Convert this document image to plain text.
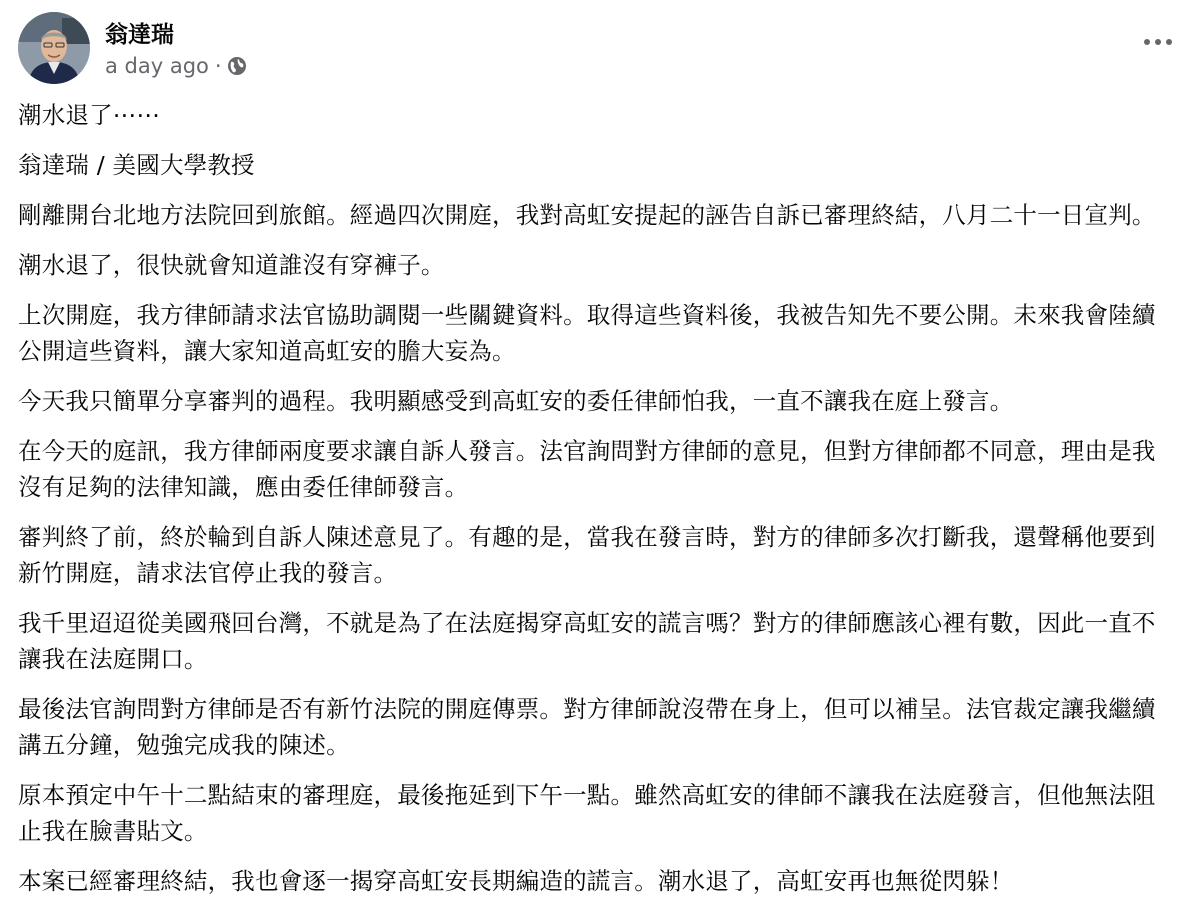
翁達瑞
a day ago ·

潮水退了⋯⋯

翁達瑞 / 美國大學教授

剛離開台北地方法院回到旅館。經過四次開庭，我對高虹安提起的誣告自訴已審理終結，八月二十一日宣判。

潮水退了，很快就會知道誰沒有穿褲子。

上次開庭，我方律師請求法官協助調閱一些關鍵資料。取得這些資料後，我被告知先不要公開。未來我會陸續公開這些資料，讓大家知道高虹安的膽大妄為。

今天我只簡單分享審判的過程。我明顯感受到高虹安的委任律師怕我，一直不讓我在庭上發言。

在今天的庭訊，我方律師兩度要求讓自訴人發言。法官詢問對方律師的意見，但對方律師都不同意，理由是我沒有足夠的法律知識，應由委任律師發言。

審判終了前，終於輪到自訴人陳述意見了。有趣的是，當我在發言時，對方的律師多次打斷我，還聲稱他要到新竹開庭，請求法官停止我的發言。

我千里迢迢從美國飛回台灣，不就是為了在法庭揭穿高虹安的謊言嗎？對方的律師應該心裡有數，因此一直不讓我在法庭開口。

最後法官詢問對方律師是否有新竹法院的開庭傳票。對方律師說沒帶在身上，但可以補呈。法官裁定讓我繼續講五分鐘，勉強完成我的陳述。

原本預定中午十二點結束的審理庭，最後拖延到下午一點。雖然高虹安的律師不讓我在法庭發言，但他無法阻止我在臉書貼文。

本案已經審理終結，我也會逐一揭穿高虹安長期編造的謊言。潮水退了，高虹安再也無從閃躲！
